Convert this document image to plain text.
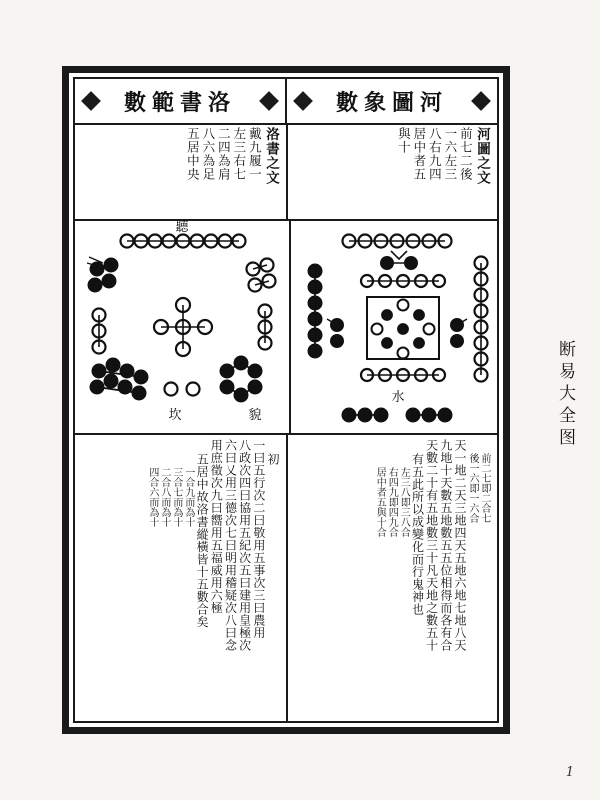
洛書範數	河圖象數
洛書之文
戴九履一
左三右七
二四為肩
八六為足
五居中央	河圖之文
前七二後
一六左三
八右九四
居中者五
與十
聽
坎	貌
水
初
一曰五行次二曰敬用五事次三曰農用
八政次四曰協用五紀次五曰建用皇極次
六曰乂用三德次七曰明用稽疑次八曰念
用庶徵次九曰嚮用五福威用六極
五居中故洛書縱橫皆十五數合矣
一合九而為十
三合七而為十
二合八而為十
四合六而為十	前二七即二合七
後一六即一六合
天一地二天三地四天五地六地七地八天
九地十天數五地數五五位相得而各有合
天數二十有五地數三十凡天地之數五十
有五此所以成變化而行鬼神也
左三八即三八合
右四九即四九合
居中者五與十合
断易大全图
1
